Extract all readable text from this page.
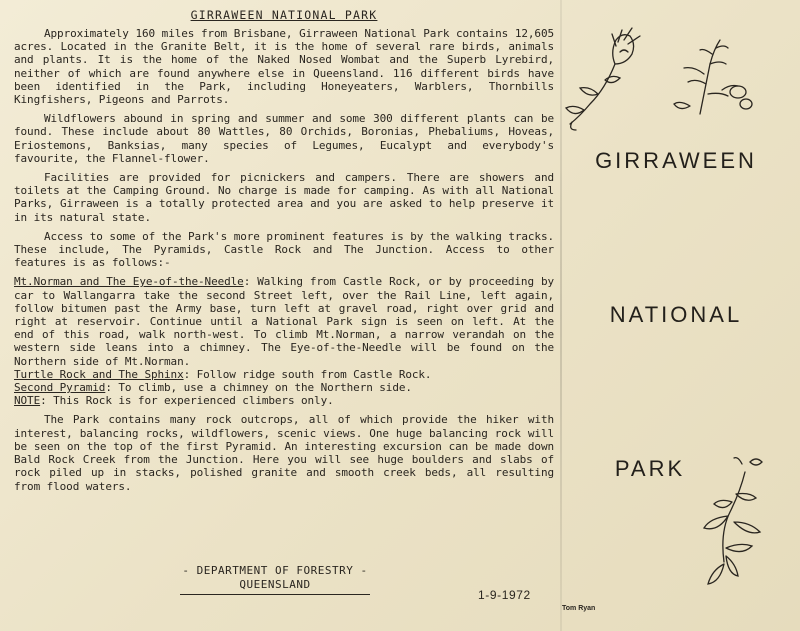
GIRRAWEEN NATIONAL PARK

Approximately 160 miles from Brisbane, Girraween National Park contains 12,605 acres. Located in the Granite Belt, it is the home of several rare birds, animals and plants. It is the home of the Naked Nosed Wombat and the Superb Lyrebird, neither of which are found anywhere else in Queensland. 116 different birds have been identified in the Park, including Honeyeaters, Warblers, Thornbills Kingfishers, Pigeons and Parrots.

Wildflowers abound in spring and summer and some 300 different plants can be found. These include about 80 Wattles, 80 Orchids, Boronias, Phebaliums, Hoveas, Eriostemons, Banksias, many species of Legumes, Eucalypt and everybody's favourite, the Flannel-flower.

Facilities are provided for picnickers and campers. There are showers and toilets at the Camping Ground. No charge is made for camping. As with all National Parks, Girraween is a totally protected area and you are asked to help preserve it in its natural state.

Access to some of the Park's more prominent features is by the walking tracks. These include, The Pyramids, Castle Rock and The Junction. Access to other features is as follows:-

Mt.Norman and The Eye-of-the-Needle: Walking from Castle Rock, or by proceeding by car to Wallangarra take the second Street left, over the Rail Line, left again, follow bitumen past the Army base, turn left at gravel road, right over grid and right at reservoir. Continue until a National Park sign is seen on left. At the end of this road, walk north-west. To climb Mt.Norman, a narrow verandah on the western side leans into a chimney. The Eye-of-the-Needle will be found on the Northern side of Mt.Norman.

Turtle Rock and The Sphinx: Follow ridge south from Castle Rock.

Second Pyramid: To climb, use a chimney on the Northern side.

NOTE: This Rock is for experienced climbers only.

The Park contains many rock outcrops, all of which provide the hiker with interest, balancing rocks, wildflowers, scenic views. One huge balancing rock will be seen on the top of the first Pyramid. An interesting excursion can be made down Bald Rock Creek from the Junction. Here you will see huge boulders and slabs of rock piled up in stacks, polished granite and smooth creek beds, all resulting from flood waters.

- DEPARTMENT OF FORESTRY -
QUEENSLAND
1-9-1972
GIRRAWEEN
NATIONAL
PARK
Tom Ryan
